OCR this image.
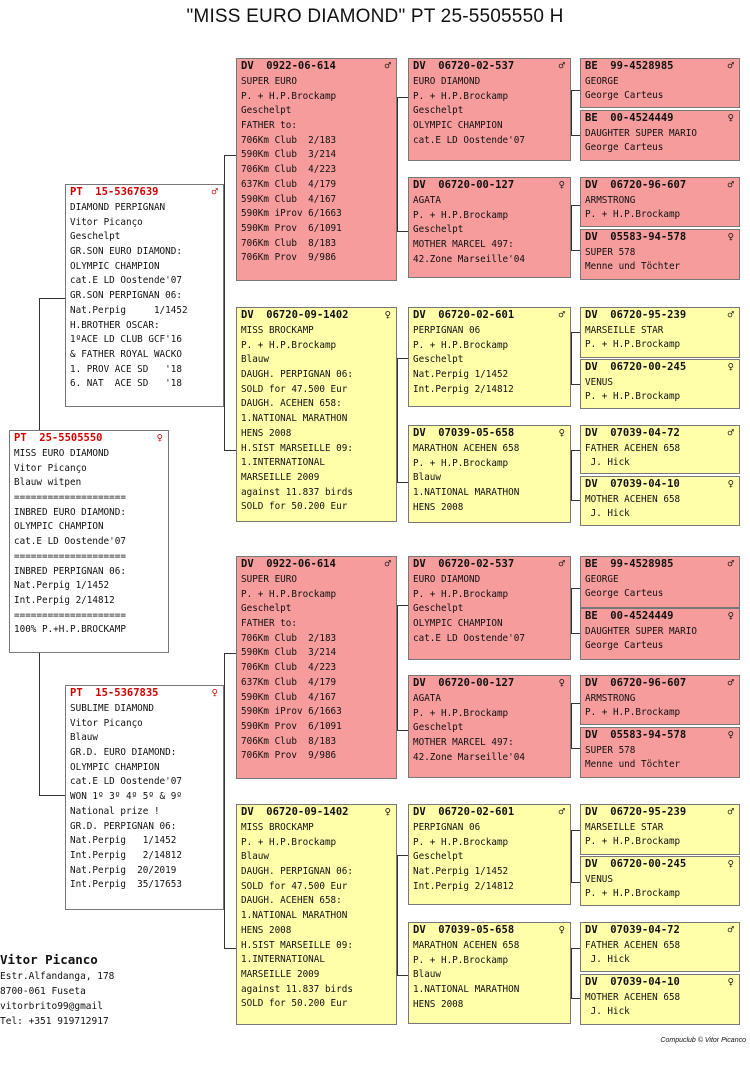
"MISS EURO DIAMOND" PT 25-5505550 H
PT  25-5505550	♀
MISS EURO DIAMOND
Vitor Picanço
Blauw witpen
====================
INBRED EURO DIAMOND:
OLYMPIC CHAMPION
cat.E LD Oostende'07
====================
INBRED PERPIGNAN 06:
Nat.Perpig 1/1452
Int.Perpig 2/14812
====================
100% P.+H.P.BROCKAMP
PT  15-5367639	♂
DIAMOND PERPIGNAN
Vitor Picanço
Geschelpt
GR.SON EURO DIAMOND:
OLYMPIC CHAMPION
cat.E LD Oostende'07
GR.SON PERPIGNAN 06:
Nat.Perpig     1/1452
H.BROTHER OSCAR:
1ºACE LD CLUB GCF'16
& FATHER ROYAL WACKO
1. PROV ACE SD   '18
6. NAT  ACE SD   '18
PT  15-5367835	♀
SUBLIME DIAMOND
Vitor Picanço
Blauw
GR.D. EURO DIAMOND:
OLYMPIC CHAMPION
cat.E LD Oostende'07
WON 1º 3º 4º 5º & 9º
National prize !
GR.D. PERPIGNAN 06:
Nat.Perpig   1/1452
Int.Perpig   2/14812
Nat.Perpig  20/2019
Int.Perpig  35/17653
DV  0922-06-614	♂
SUPER EURO
P. + H.P.Brockamp
Geschelpt
FATHER to:
706Km Club  2/183
590Km Club  3/214
706Km Club  4/223
637Km Club  4/179
590Km Club  4/167
590Km iProv 6/1663
590Km Prov  6/1091
706Km Club  8/183
706Km Prov  9/986
DV  06720-09-1402	♀
MISS BROCKAMP
P. + H.P.Brockamp
Blauw
DAUGH. PERPIGNAN 06:
SOLD for 47.500 Eur
DAUGH. ACEHEN 658:
1.NATIONAL MARATHON
HENS 2008
H.SIST MARSEILLE 09:
1.INTERNATIONAL
MARSEILLE 2009
against 11.837 birds
SOLD for 50.200 Eur
DV  0922-06-614	♂
SUPER EURO
P. + H.P.Brockamp
Geschelpt
FATHER to:
706Km Club  2/183
590Km Club  3/214
706Km Club  4/223
637Km Club  4/179
590Km Club  4/167
590Km iProv 6/1663
590Km Prov  6/1091
706Km Club  8/183
706Km Prov  9/986
DV  06720-09-1402	♀
MISS BROCKAMP
P. + H.P.Brockamp
Blauw
DAUGH. PERPIGNAN 06:
SOLD for 47.500 Eur
DAUGH. ACEHEN 658:
1.NATIONAL MARATHON
HENS 2008
H.SIST MARSEILLE 09:
1.INTERNATIONAL
MARSEILLE 2009
against 11.837 birds
SOLD for 50.200 Eur
DV  06720-02-537	♂
EURO DIAMOND
P. + H.P.Brockamp
Geschelpt
OLYMPIC CHAMPION
cat.E LD Oostende'07
DV  06720-00-127	♀
AGATA
P. + H.P.Brockamp
Geschelpt
MOTHER MARCEL 497:
42.Zone Marseille'04
DV  06720-02-601	♂
PERPIGNAN 06
P. + H.P.Brockamp
Geschelpt
Nat.Perpig 1/1452
Int.Perpig 2/14812
DV  07039-05-658	♀
MARATHON ACEHEN 658
P. + H.P.Brockamp
Blauw
1.NATIONAL MARATHON
HENS 2008
DV  06720-02-537	♂
EURO DIAMOND
P. + H.P.Brockamp
Geschelpt
OLYMPIC CHAMPION
cat.E LD Oostende'07
DV  06720-00-127	♀
AGATA
P. + H.P.Brockamp
Geschelpt
MOTHER MARCEL 497:
42.Zone Marseille'04
DV  06720-02-601	♂
PERPIGNAN 06
P. + H.P.Brockamp
Geschelpt
Nat.Perpig 1/1452
Int.Perpig 2/14812
DV  07039-05-658	♀
MARATHON ACEHEN 658
P. + H.P.Brockamp
Blauw
1.NATIONAL MARATHON
HENS 2008
BE  99-4528985	♂
GEORGE
George Carteus
BE  00-4524449	♀
DAUGHTER SUPER MARIO
George Carteus
DV  06720-96-607	♂
ARMSTRONG
P. + H.P.Brockamp
DV  05583-94-578	♀
SUPER 578
Menne und Töchter
DV  06720-95-239	♂
MARSEILLE STAR
P. + H.P.Brockamp
DV  06720-00-245	♀
VENUS
P. + H.P.Brockamp
DV  07039-04-72	♂
FATHER ACEHEN 658
J. Hick
DV  07039-04-10	♀
MOTHER ACEHEN 658
J. Hick
BE  99-4528985	♂
GEORGE
George Carteus
BE  00-4524449	♀
DAUGHTER SUPER MARIO
George Carteus
DV  06720-96-607	♂
ARMSTRONG
P. + H.P.Brockamp
DV  05583-94-578	♀
SUPER 578
Menne und Töchter
DV  06720-95-239	♂
MARSEILLE STAR
P. + H.P.Brockamp
DV  06720-00-245	♀
VENUS
P. + H.P.Brockamp
DV  07039-04-72	♂
FATHER ACEHEN 658
J. Hick
DV  07039-04-10	♀
MOTHER ACEHEN 658
J. Hick
Vitor Picanco
Estr.Alfandanga, 178
8700-061 Fuseta
vitorbrito99@gmail
Tel: +351 919712917
Compuclub © Vitor Picanco
